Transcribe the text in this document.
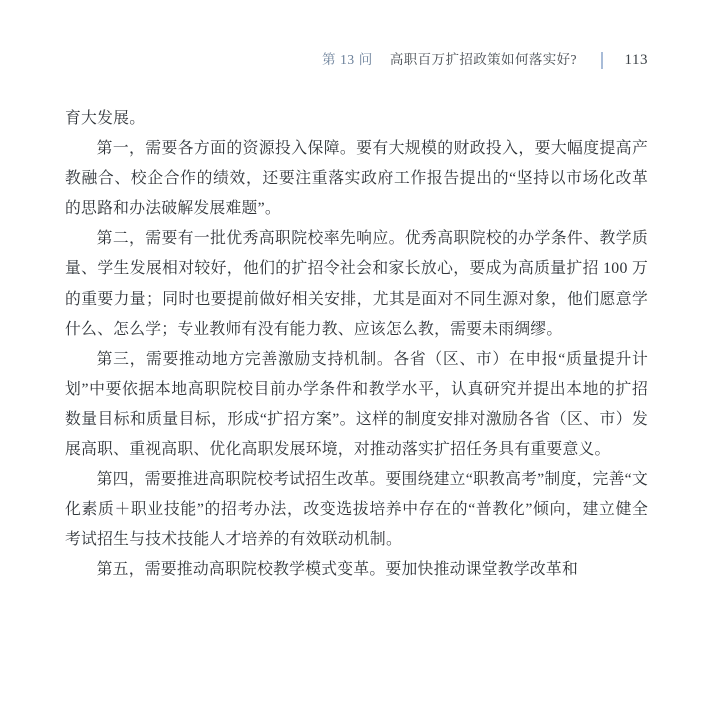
第 13 问 高职百万扩招政策如何落实好?	113

育大发展。

第一，需要各方面的资源投入保障。要有大规模的财政投入，要大幅度提高产教融合、校企合作的绩效，还要注重落实政府工作报告提出的“坚持以市场化改革的思路和办法破解发展难题”。

第二，需要有一批优秀高职院校率先响应。优秀高职院校的办学条件、教学质量、学生发展相对较好，他们的扩招令社会和家长放心，要成为高质量扩招 100 万的重要力量；同时也要提前做好相关安排，尤其是面对不同生源对象，他们愿意学什么、怎么学；专业教师有没有能力教、应该怎么教，需要未雨绸缪。

第三，需要推动地方完善激励支持机制。各省（区、市）在申报“质量提升计划”中要依据本地高职院校目前办学条件和教学水平，认真研究并提出本地的扩招数量目标和质量目标，形成“扩招方案”。这样的制度安排对激励各省（区、市）发展高职、重视高职、优化高职发展环境，对推动落实扩招任务具有重要意义。

第四，需要推进高职院校考试招生改革。要围绕建立“职教高考”制度，完善“文化素质＋职业技能”的招考办法，改变选拔培养中存在的“普教化”倾向，建立健全考试招生与技术技能人才培养的有效联动机制。

第五，需要推动高职院校教学模式变革。要加快推动课堂教学改革和
